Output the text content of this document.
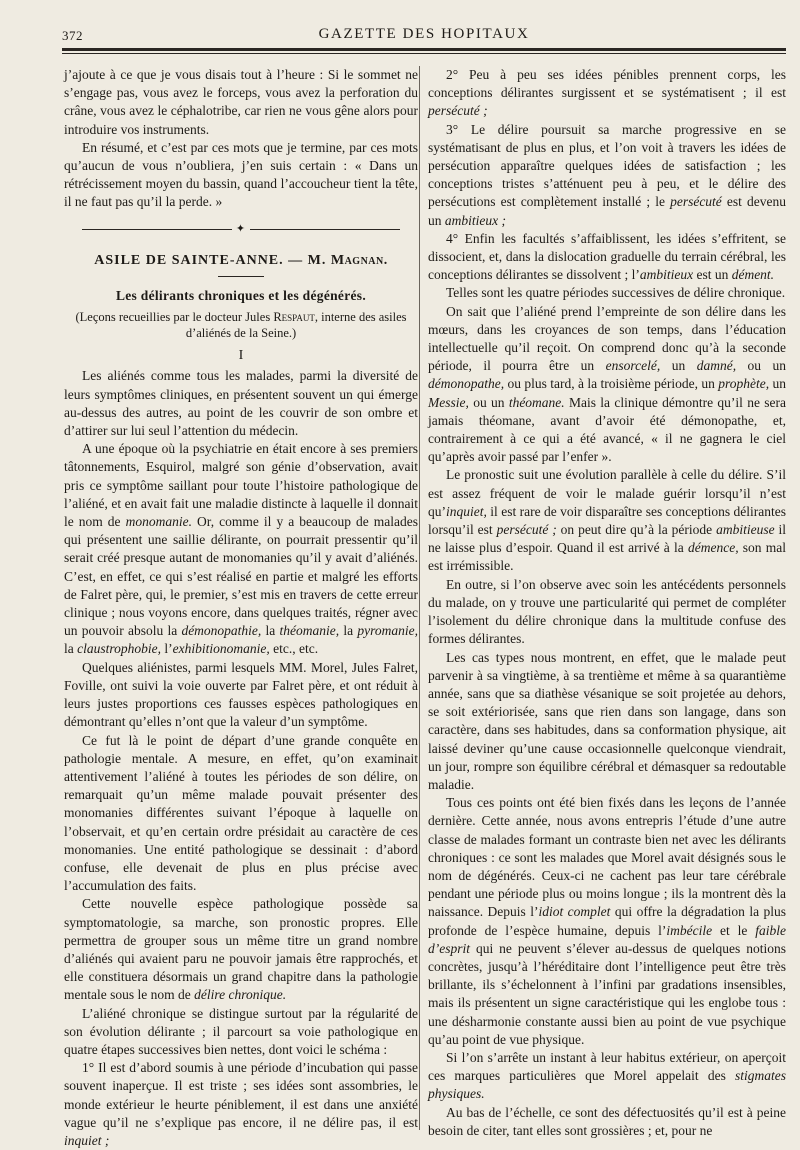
372	GAZETTE DES HOPITAUX

j’ajoute à ce que je vous disais tout à l’heure : Si le sommet ne s’engage pas, vous avez le forceps, vous avez la perforation du crâne, vous avez le céphalotribe, car rien ne vous gêne alors pour introduire vos instruments.

En résumé, et c’est par ces mots que je termine, par ces mots qu’aucun de vous n’oubliera, j’en suis certain : « Dans un rétrécissement moyen du bassin, quand l’accoucheur tient la tête, il ne faut pas qu’il la perde. »

✦
ASILE DE SAINTE-ANNE. — M. Magnan.
Les délirants chroniques et les dégénérés.
(Leçons recueillies par le docteur Jules Respaut, interne des asiles d’aliénés de la Seine.)
I

Les aliénés comme tous les malades, parmi la diversité de leurs symptômes cliniques, en présentent souvent un qui émerge au-dessus des autres, au point de les couvrir de son ombre et d’attirer sur lui seul l’attention du médecin.

A une époque où la psychiatrie en était encore à ses premiers tâtonnements, Esquirol, malgré son génie d’observation, avait pris ce symptôme saillant pour toute l’histoire pathologique de l’aliéné, et en avait fait une maladie distincte à laquelle il donnait le nom de monomanie. Or, comme il y a beaucoup de malades qui présentent une saillie délirante, on pourrait pressentir qu’il serait créé presque autant de monomanies qu’il y avait d’aliénés. C’est, en effet, ce qui s’est réalisé en partie et malgré les efforts de Falret père, qui, le premier, s’est mis en travers de cette erreur clinique ; nous voyons encore, dans quelques traités, régner avec un pouvoir absolu la démonopathie, la théomanie, la pyromanie, la claustrophobie, l’exhibitionomanie, etc., etc.

Quelques aliénistes, parmi lesquels MM. Morel, Jules Falret, Foville, ont suivi la voie ouverte par Falret père, et ont réduit à leurs justes proportions ces fausses espèces pathologiques en démontrant qu’elles n’ont que la valeur d’un symptôme.

Ce fut là le point de départ d’une grande conquête en pathologie mentale. A mesure, en effet, qu’on examinait attentivement l’aliéné à toutes les périodes de son délire, on remarquait qu’un même malade pouvait présenter des monomanies différentes suivant l’époque à laquelle on l’observait, et qu’en certain ordre présidait au caractère de ces monomanies. Une entité pathologique se dessinait : d’abord confuse, elle devenait de plus en plus précise avec l’accumulation des faits.

Cette nouvelle espèce pathologique possède sa symptomatologie, sa marche, son pronostic propres. Elle permettra de grouper sous un même titre un grand nombre d’aliénés qui avaient paru ne pouvoir jamais être rapprochés, et elle constituera désormais un grand chapitre dans la pathologie mentale sous le nom de délire chronique.

L’aliéné chronique se distingue surtout par la régularité de son évolution délirante ; il parcourt sa voie pathologique en quatre étapes successives bien nettes, dont voici le schéma :

1° Il est d’abord soumis à une période d’incubation qui passe souvent inaperçue. Il est triste ; ses idées sont assombries, le monde extérieur le heurte péniblement, il est dans une anxiété vague qu’il ne s’explique pas encore, il ne délire pas, il est inquiet ;

2° Peu à peu ses idées pénibles prennent corps, les conceptions délirantes surgissent et se systématisent ; il est persécuté ;

3° Le délire poursuit sa marche progressive en se systématisant de plus en plus, et l’on voit à travers les idées de persécution apparaître quelques idées de satisfaction ; les conceptions tristes s’atténuent peu à peu, et le délire des persécutions est complètement installé ; le persécuté est devenu un ambitieux ;

4° Enfin les facultés s’affaiblissent, les idées s’effritent, se dissocient, et, dans la dislocation graduelle du terrain cérébral, les conceptions délirantes se dissolvent ; l’ambitieux est un dément.

Telles sont les quatre périodes successives de délire chronique.

On sait que l’aliéné prend l’empreinte de son délire dans les mœurs, dans les croyances de son temps, dans l’éducation intellectuelle qu’il reçoit. On comprend donc qu’à la seconde période, il pourra être un ensorcelé, un damné, ou un démonopathe, ou plus tard, à la troisième période, un prophète, un Messie, ou un théomane. Mais la clinique démontre qu’il ne sera jamais théomane, avant d’avoir été démonopathe, et, contrairement à ce qui a été avancé, « il ne gagnera le ciel qu’après avoir passé par l’enfer ».

Le pronostic suit une évolution parallèle à celle du délire. S’il est assez fréquent de voir le malade guérir lorsqu’il n’est qu’inquiet, il est rare de voir disparaître ses conceptions délirantes lorsqu’il est persécuté ; on peut dire qu’à la période ambitieuse il ne laisse plus d’espoir. Quand il est arrivé à la démence, son mal est irrémissible.

En outre, si l’on observe avec soin les antécédents personnels du malade, on y trouve une particularité qui permet de compléter l’isolement du délire chronique dans la multitude confuse des formes délirantes.

Les cas types nous montrent, en effet, que le malade peut parvenir à sa vingtième, à sa trentième et même à sa quarantième année, sans que sa diathèse vésanique se soit projetée au dehors, se soit extériorisée, sans que rien dans son langage, dans son caractère, dans ses habitudes, dans sa conformation physique, ait laissé deviner qu’une cause occasionnelle quelconque viendrait, un jour, rompre son équilibre cérébral et démasquer sa redoutable maladie.

Tous ces points ont été bien fixés dans les leçons de l’année dernière. Cette année, nous avons entrepris l’étude d’une autre classe de malades formant un contraste bien net avec les délirants chroniques : ce sont les malades que Morel avait désignés sous le nom de dégénérés. Ceux-ci ne cachent pas leur tare cérébrale pendant une période plus ou moins longue ; ils la montrent dès la naissance. Depuis l’idiot complet qui offre la dégradation la plus profonde de l’espèce humaine, depuis l’imbécile et le faible d’esprit qui ne peuvent s’élever au-dessus de quelques notions concrètes, jusqu’à l’héréditaire dont l’intelligence peut être très brillante, ils s’échelonnent à l’infini par gradations insensibles, mais ils présentent un signe caractéristique qui les englobe tous : une désharmonie constante aussi bien au point de vue psychique qu’au point de vue physique.

Si l’on s’arrête un instant à leur habitus extérieur, on aperçoit ces marques particulières que Morel appelait des stigmates physiques.

Au bas de l’échelle, ce sont des défectuosités qu’il est à peine besoin de citer, tant elles sont grossières ; et, pour ne
